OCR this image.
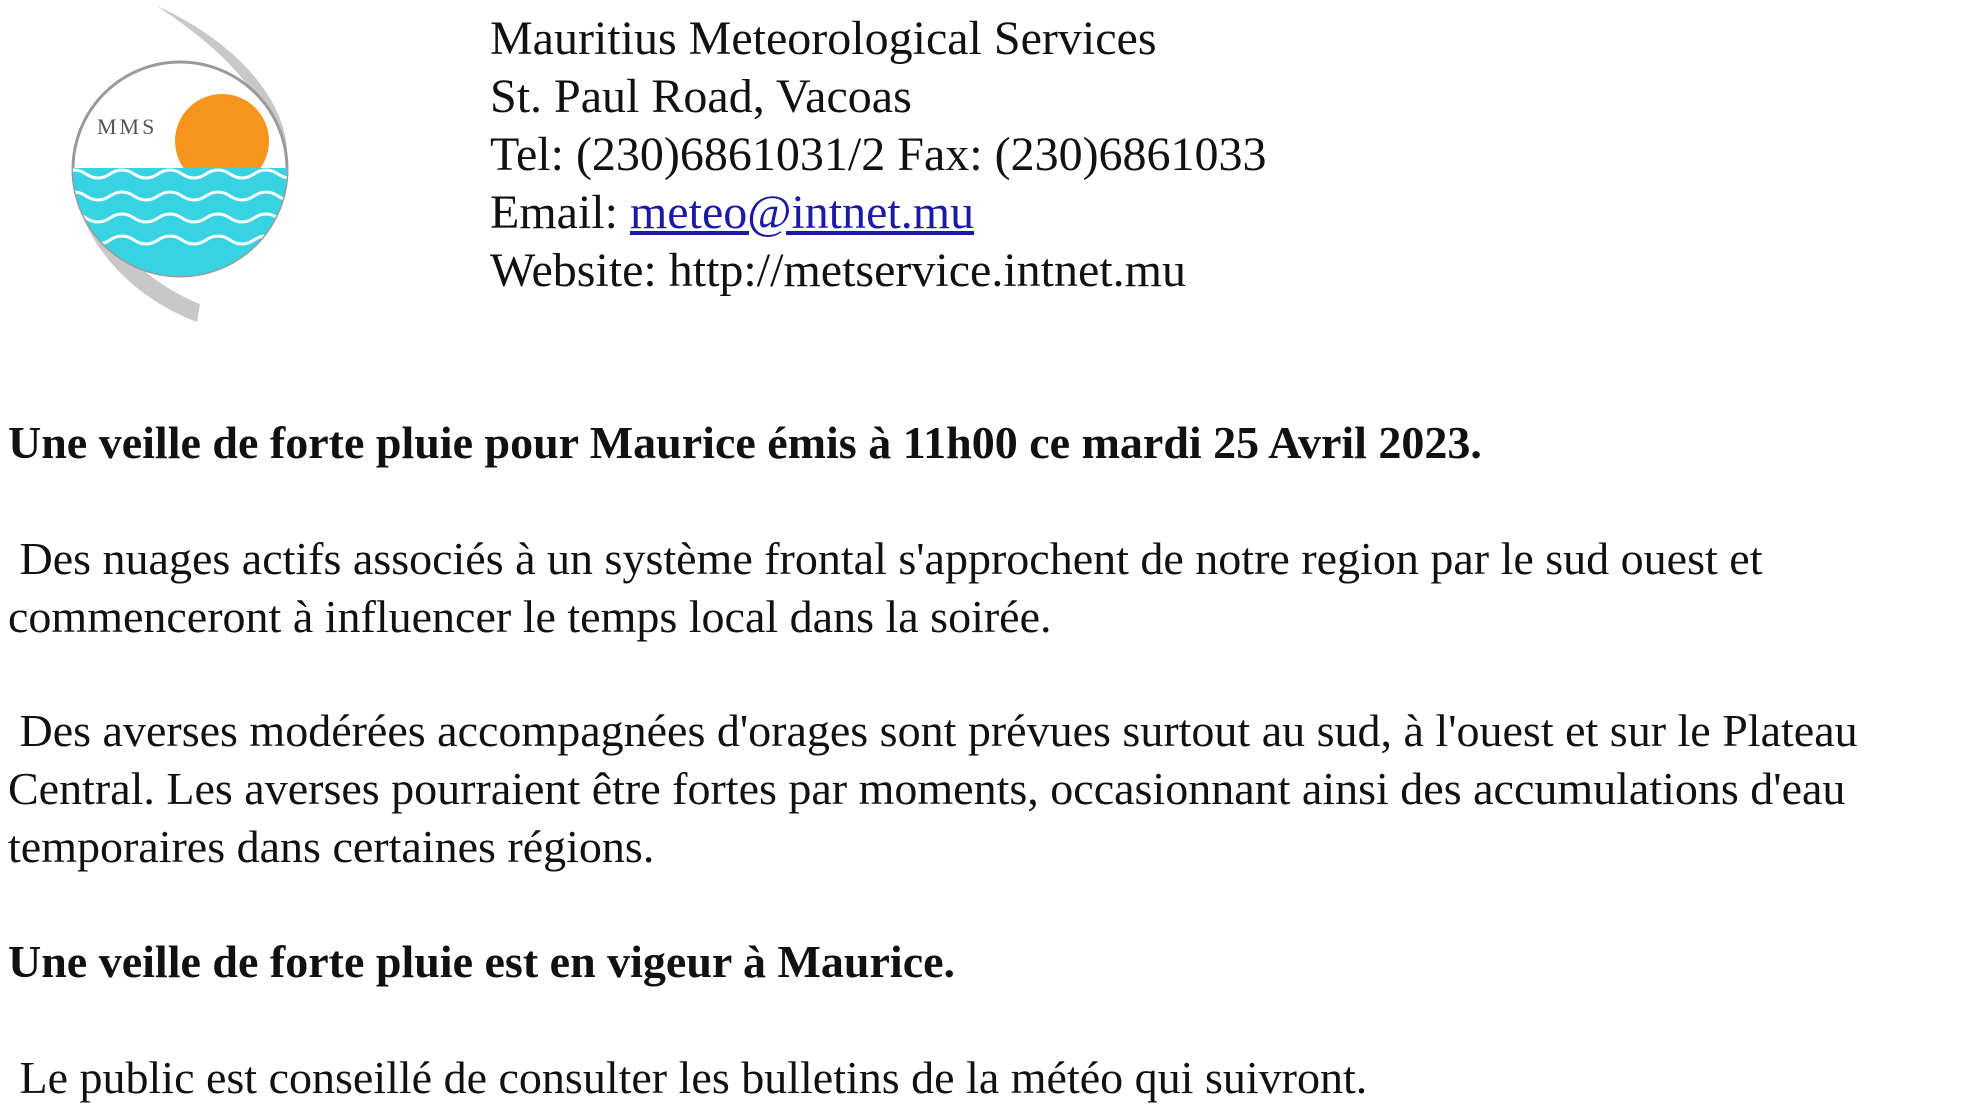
MMS
Mauritius Meteorological Services
St. Paul Road, Vacoas
Tel: (230)6861031/2 Fax: (230)6861033
Email: meteo@intnet.mu
Website: http://metservice.intnet.mu
Une veille de forte pluie pour Maurice émis à 11h00 ce mardi 25 Avril 2023.
Des nuages actifs associés à un système frontal s'approchent de notre region par le sud ouest et commenceront à influencer le temps local dans la soirée.
Des averses modérées accompagnées d'orages sont prévues surtout au sud, à l'ouest et sur le Plateau Central. Les averses pourraient être fortes par moments, occasionnant ainsi des accumulations d'eau temporaires dans certaines régions.
Une veille de forte pluie est en vigeur à Maurice.
Le public est conseillé de consulter les bulletins de la météo qui suivront.
